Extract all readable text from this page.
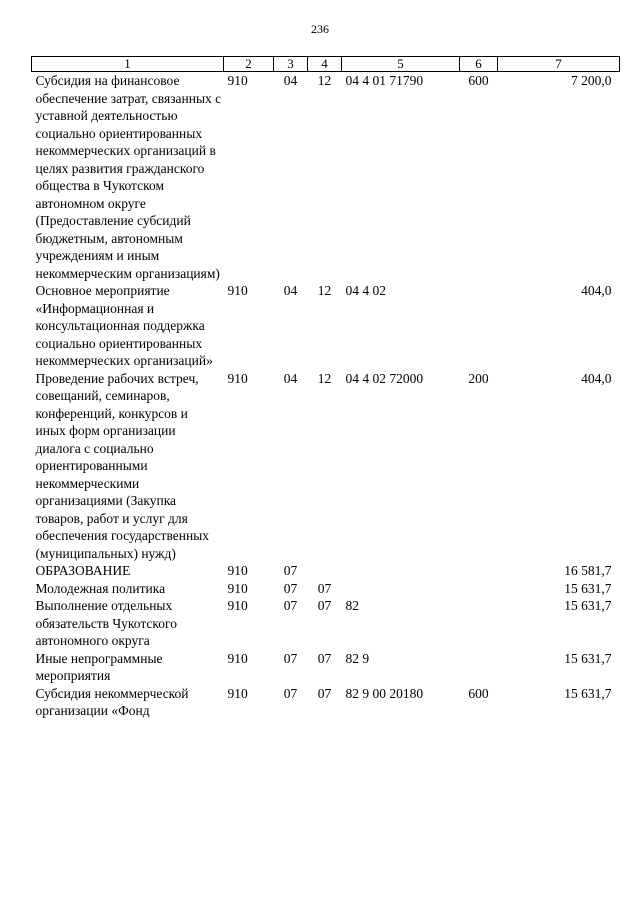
236
1	2	3	4	5	6	7
Субсидия на финансовое обеспечение затрат, связанных с уставной деятельностью социально ориентированных некоммерческих организаций в целях развития гражданского общества в Чукотском автономном округе (Предоставление субсидий бюджетным, автономным учреждениям и иным некоммерческим организациям)	910	04	12	04 4 01 71790	600	7 200,0
Основное мероприятие «Информационная и консультационная поддержка социально ориентированных некоммерческих организаций»	910	04	12	04 4 02		404,0
Проведение рабочих встреч, совещаний, семинаров, конференций, конкурсов и иных форм организации диалога с социально ориентированными некоммерческими организациями (Закупка товаров, работ и услуг для обеспечения государственных (муниципальных) нужд)	910	04	12	04 4 02 72000	200	404,0
ОБРАЗОВАНИЕ	910	07				16 581,7
Молодежная политика	910	07	07			15 631,7
Выполнение отдельных обязательств Чукотского автономного округа	910	07	07	82		15 631,7
Иные непрограммные мероприятия	910	07	07	82 9		15 631,7
Субсидия некоммерческой организации «Фонд	910	07	07	82 9 00 20180	600	15 631,7
